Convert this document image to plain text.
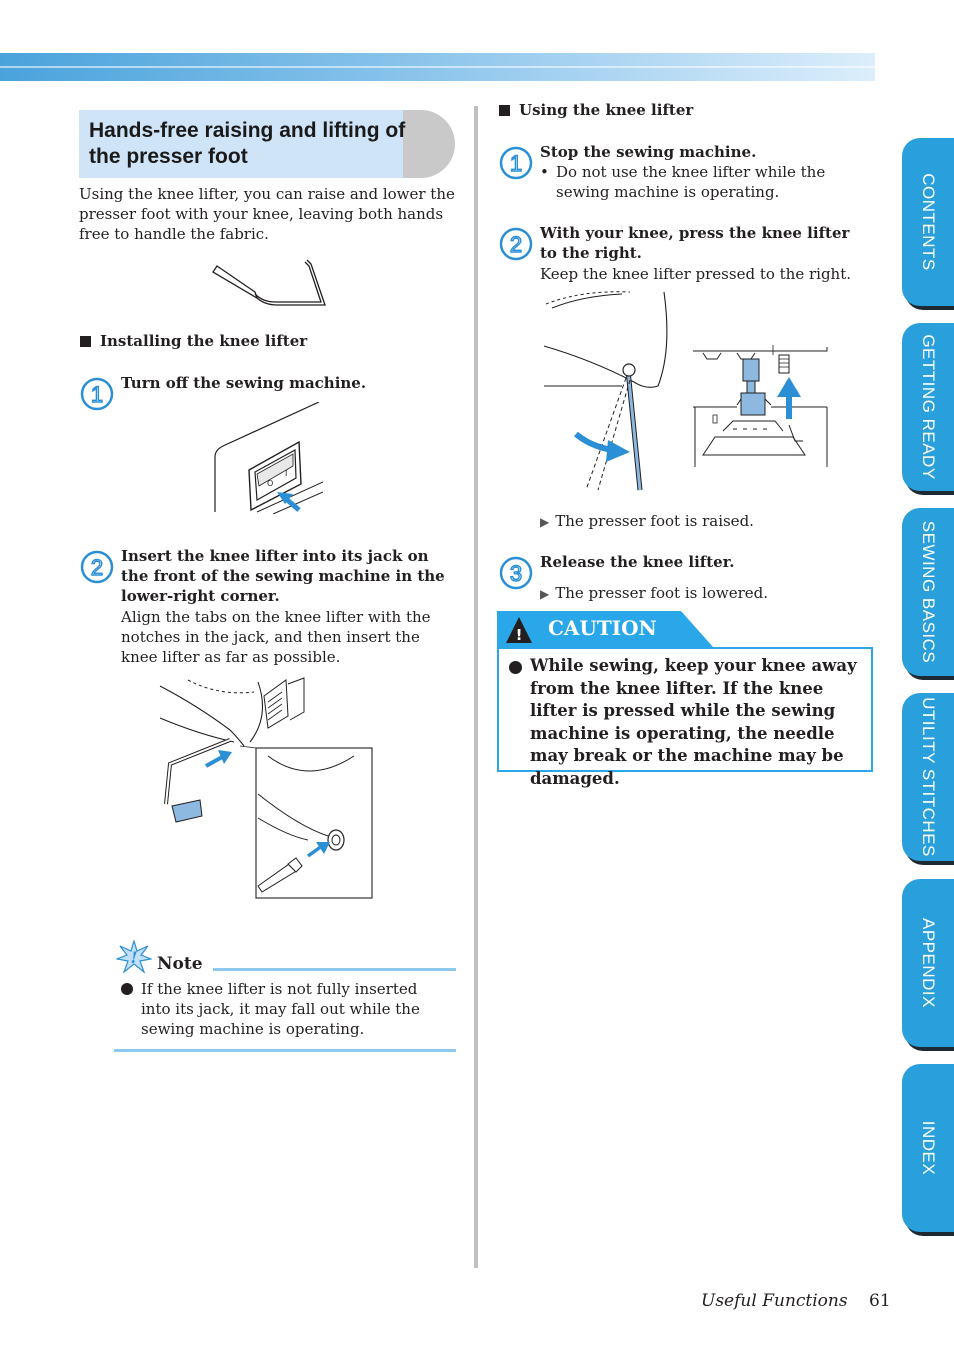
Hands-free raising and lifting of the presser foot
Using the knee lifter, you can raise and lower the presser foot with your knee, leaving both hands free to handle the fabric.
Installing the knee lifter
1 Turn off the sewing machine.
O
I
2 Insert the knee lifter into its jack on the front of the sewing machine in the lower-right corner.
Align the tabs on the knee lifter with the notches in the jack, and then insert the knee lifter as far as possible.
! Note
If the knee lifter is not fully inserted into its jack, it may fall out while the sewing machine is operating.
Using the knee lifter
1 Stop the sewing machine.
• Do not use the knee lifter while the sewing machine is operating.
2 With your knee, press the knee lifter to the right.
Keep the knee lifter pressed to the right.
▶ The presser foot is raised.
3 Release the knee lifter.
▶ The presser foot is lowered.
! CAUTION
While sewing, keep your knee away from the knee lifter. If the knee lifter is pressed while the sewing machine is operating, the needle may break or the machine may be damaged.
CONTENTS
GETTING READY
SEWING BASICS
UTILITY STITCHES
APPENDIX
INDEX
Useful Functions 61
